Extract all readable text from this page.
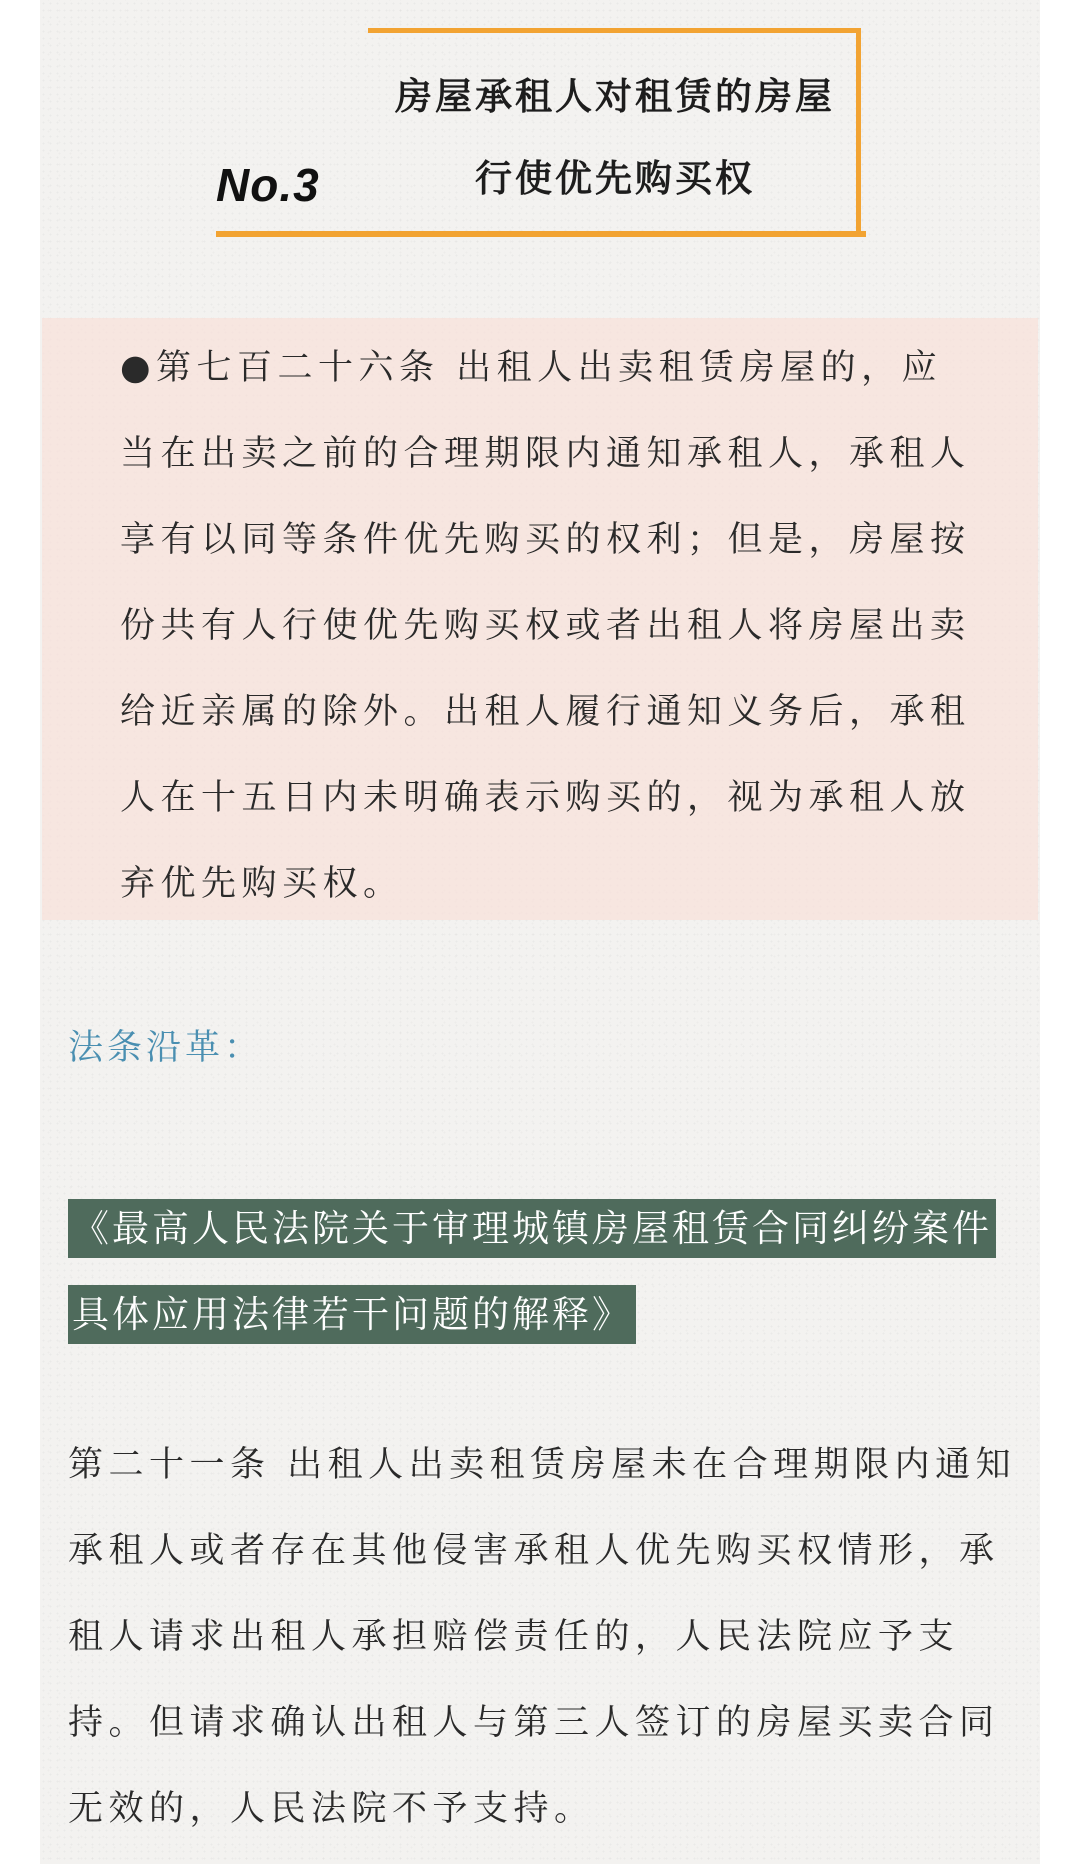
No.3
房屋承租人对租赁的房屋
行使优先购买权

●第七百二十六条 出租人出卖租赁房屋的，应当在出卖之前的合理期限内通知承租人，承租人享有以同等条件优先购买的权利；但是，房屋按份共有人行使优先购买权或者出租人将房屋出卖给近亲属的除外。出租人履行通知义务后，承租人在十五日内未明确表示购买的，视为承租人放弃优先购买权。

法条沿革：

《最高人民法院关于审理城镇房屋租赁合同纠纷案件具体应用法律若干问题的解释》

第二十一条 出租人出卖租赁房屋未在合理期限内通知承租人或者存在其他侵害承租人优先购买权情形，承租人请求出租人承担赔偿责任的，人民法院应予支持。但请求确认出租人与第三人签订的房屋买卖合同无效的，人民法院不予支持。
